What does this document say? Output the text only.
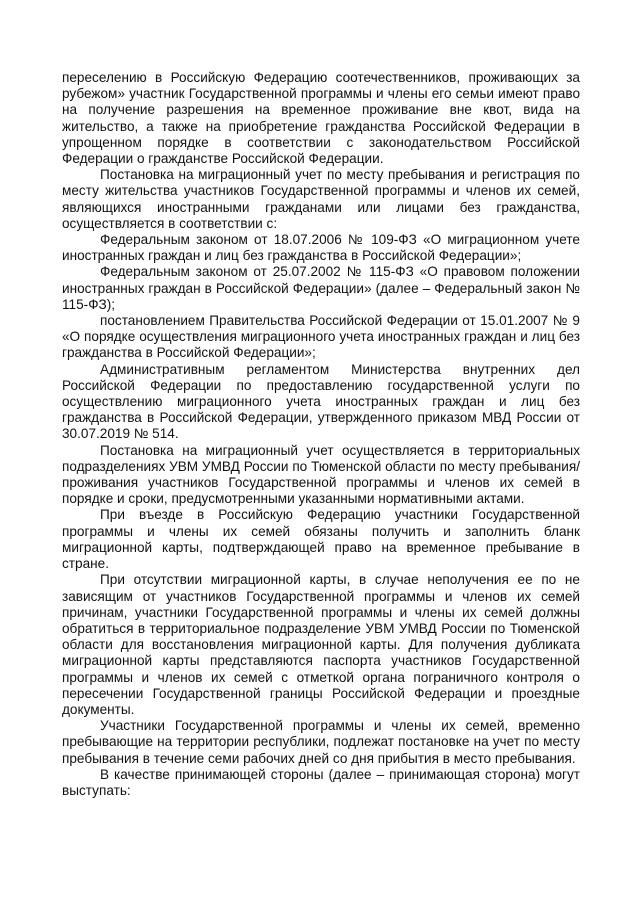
переселению в Российскую Федерацию соотечественников, проживающих за рубежом» участник Государственной программы и члены его семьи имеют право на получение разрешения на временное проживание вне квот, вида на жительство, а также на приобретение гражданства Российской Федерации в упрощенном порядке в соответствии с законодательством Российской Федерации о гражданстве Российской Федерации.

Постановка на миграционный учет по месту пребывания и регистрация по месту жительства участников Государственной программы и членов их семей, являющихся иностранными гражданами или лицами без гражданства, осуществляется в соответствии с:

Федеральным законом от 18.07.2006 № 109-ФЗ «О миграционном учете иностранных граждан и лиц без гражданства в Российской Федерации»;

Федеральным законом от 25.07.2002 № 115-ФЗ «О правовом положении иностранных граждан в Российской Федерации» (далее – Федеральный закон № 115-ФЗ);

постановлением Правительства Российской Федерации от 15.01.2007 № 9 «О порядке осуществления миграционного учета иностранных граждан и лиц без гражданства в Российской Федерации»;

Административным регламентом Министерства внутренних дел Российской Федерации по предоставлению государственной услуги по осуществлению миграционного учета иностранных граждан и лиц без гражданства в Российской Федерации, утвержденного приказом МВД России от 30.07.2019 № 514.

Постановка на миграционный учет осуществляется в территориальных подразделениях УВМ УМВД России по Тюменской области по месту пребывания/проживания участников Государственной программы и членов их семей в порядке и сроки, предусмотренными указанными нормативными актами.

При въезде в Российскую Федерацию участники Государственной программы и члены их семей обязаны получить и заполнить бланк миграционной карты, подтверждающей право на временное пребывание в стране.

При отсутствии миграционной карты, в случае неполучения ее по не зависящим от участников Государственной программы и членов их семей причинам, участники Государственной программы и члены их семей должны обратиться в территориальное подразделение УВМ УМВД России по Тюменской области для восстановления миграционной карты. Для получения дубликата миграционной карты представляются паспорта участников Государственной программы и членов их семей с отметкой органа пограничного контроля о пересечении Государственной границы Российской Федерации и проездные документы.

Участники Государственной программы и члены их семей, временно пребывающие на территории республики, подлежат постановке на учет по месту пребывания в течение семи рабочих дней со дня прибытия в место пребывания.

В качестве принимающей стороны (далее – принимающая сторона) могут выступать:
